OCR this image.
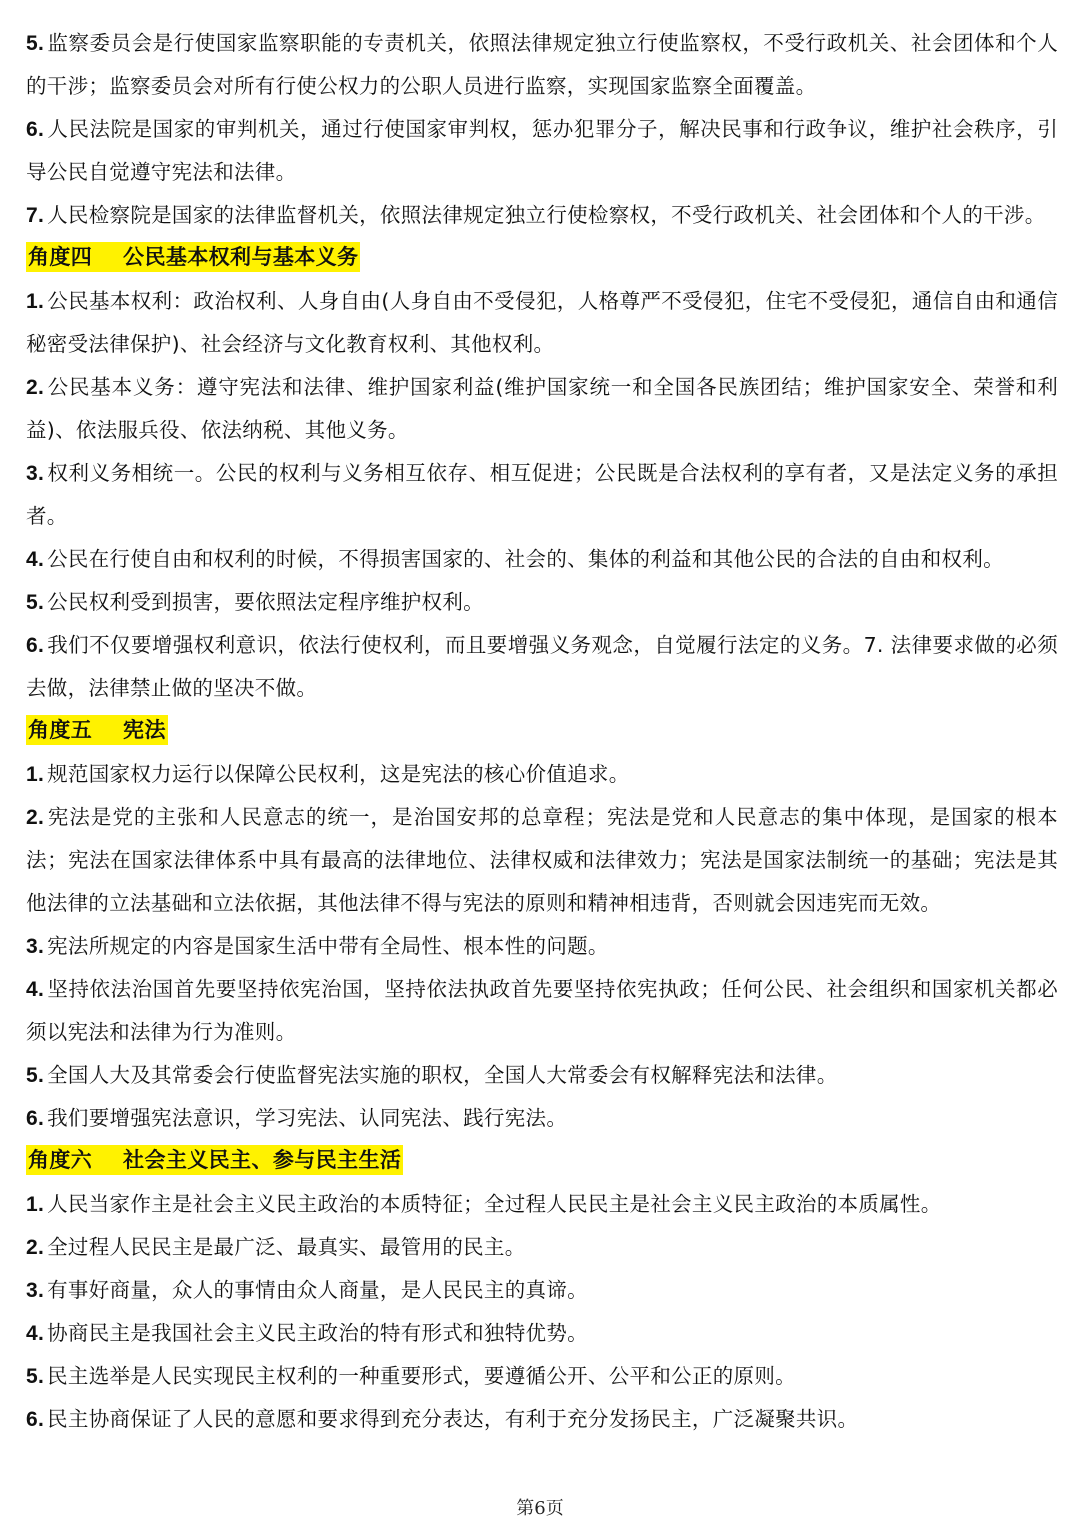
5. 监察委员会是行使国家监察职能的专责机关，依照法律规定独立行使监察权，不受行政机关、社会团体和个人的干涉；监察委员会对所有行使公权力的公职人员进行监察，实现国家监察全面覆盖。

6. 人民法院是国家的审判机关，通过行使国家审判权，惩办犯罪分子，解决民事和行政争议，维护社会秩序，引导公民自觉遵守宪法和法律。

7. 人民检察院是国家的法律监督机关，依照法律规定独立行使检察权，不受行政机关、社会团体和个人的干涉。

角度四    公民基本权利与基本义务

1. 公民基本权利：政治权利、人身自由(人身自由不受侵犯，人格尊严不受侵犯，住宅不受侵犯，通信自由和通信秘密受法律保护)、社会经济与文化教育权利、其他权利。

2. 公民基本义务：遵守宪法和法律、维护国家利益(维护国家统一和全国各民族团结；维护国家安全、荣誉和利益)、依法服兵役、依法纳税、其他义务。

3. 权利义务相统一。公民的权利与义务相互依存、相互促进；公民既是合法权利的享有者，又是法定义务的承担者。

4. 公民在行使自由和权利的时候，不得损害国家的、社会的、集体的利益和其他公民的合法的自由和权利。

5. 公民权利受到损害，要依照法定程序维护权利。

6. 我们不仅要增强权利意识，依法行使权利，而且要增强义务观念，自觉履行法定的义务。7. 法律要求做的必须去做，法律禁止做的坚决不做。

角度五    宪法

1. 规范国家权力运行以保障公民权利，这是宪法的核心价值追求。

2. 宪法是党的主张和人民意志的统一，是治国安邦的总章程；宪法是党和人民意志的集中体现，是国家的根本法；宪法在国家法律体系中具有最高的法律地位、法律权威和法律效力；宪法是国家法制统一的基础；宪法是其他法律的立法基础和立法依据，其他法律不得与宪法的原则和精神相违背，否则就会因违宪而无效。

3. 宪法所规定的内容是国家生活中带有全局性、根本性的问题。

4. 坚持依法治国首先要坚持依宪治国，坚持依法执政首先要坚持依宪执政；任何公民、社会组织和国家机关都必须以宪法和法律为行为准则。

5. 全国人大及其常委会行使监督宪法实施的职权，全国人大常委会有权解释宪法和法律。

6. 我们要增强宪法意识，学习宪法、认同宪法、践行宪法。

角度六    社会主义民主、参与民主生活

1. 人民当家作主是社会主义民主政治的本质特征；全过程人民民主是社会主义民主政治的本质属性。

2. 全过程人民民主是最广泛、最真实、最管用的民主。

3. 有事好商量，众人的事情由众人商量，是人民民主的真谛。

4. 协商民主是我国社会主义民主政治的特有形式和独特优势。

5. 民主选举是人民实现民主权利的一种重要形式，要遵循公开、公平和公正的原则。

6. 民主协商保证了人民的意愿和要求得到充分表达，有利于充分发扬民主，广泛凝聚共识。

第6页
